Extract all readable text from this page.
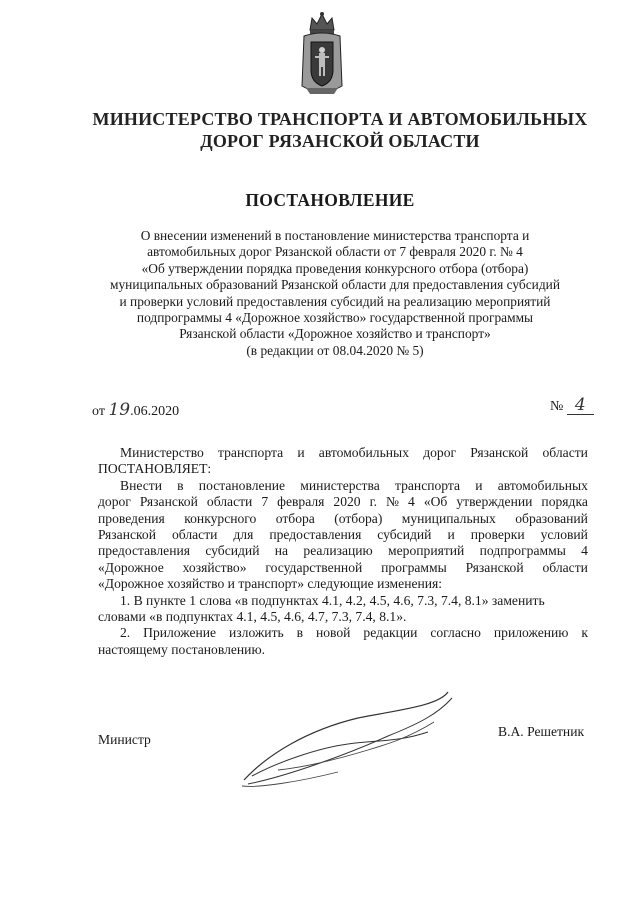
МИНИСТЕРСТВО ТРАНСПОРТА И АВТОМОБИЛЬНЫХ
ДОРОГ РЯЗАНСКОЙ ОБЛАСТИ
ПОСТАНОВЛЕНИЕ
О внесении изменений в постановление министерства транспорта и
автомобильных дорог Рязанской области от 7 февраля 2020 г. № 4
«Об утверждении порядка проведения конкурсного отбора (отбора)
муниципальных образований Рязанской области для предоставления субсидий
и проверки условий предоставления субсидий на реализацию мероприятий
подпрограммы 4 «Дорожное хозяйство» государственной программы
Рязанской области «Дорожное хозяйство и транспорт»
(в редакции от 08.04.2020 № 5)
от 19.06.2020	№ 4
Министерство транспорта и автомобильных дорог Рязанской области
ПОСТАНОВЛЯЕТ:
Внести в постановление министерства транспорта и автомобильных
дорог Рязанской области 7 февраля 2020 г. № 4 «Об утверждении порядка
проведения конкурсного отбора (отбора) муниципальных образований
Рязанской области для предоставления субсидий и проверки условий
предоставления субсидий на реализацию мероприятий подпрограммы 4
«Дорожное хозяйство» государственной программы Рязанской области
«Дорожное хозяйство и транспорт» следующие изменения:
1. В пункте 1 слова «в подпунктах 4.1, 4.2, 4.5, 4.6, 7.3, 7.4, 8.1» заменить
словами «в подпунктах 4.1, 4.5, 4.6, 4.7, 7.3, 7.4, 8.1».
2. Приложение изложить в новой редакции согласно приложению к
настоящему постановлению.
Министр
В.А. Решетник
